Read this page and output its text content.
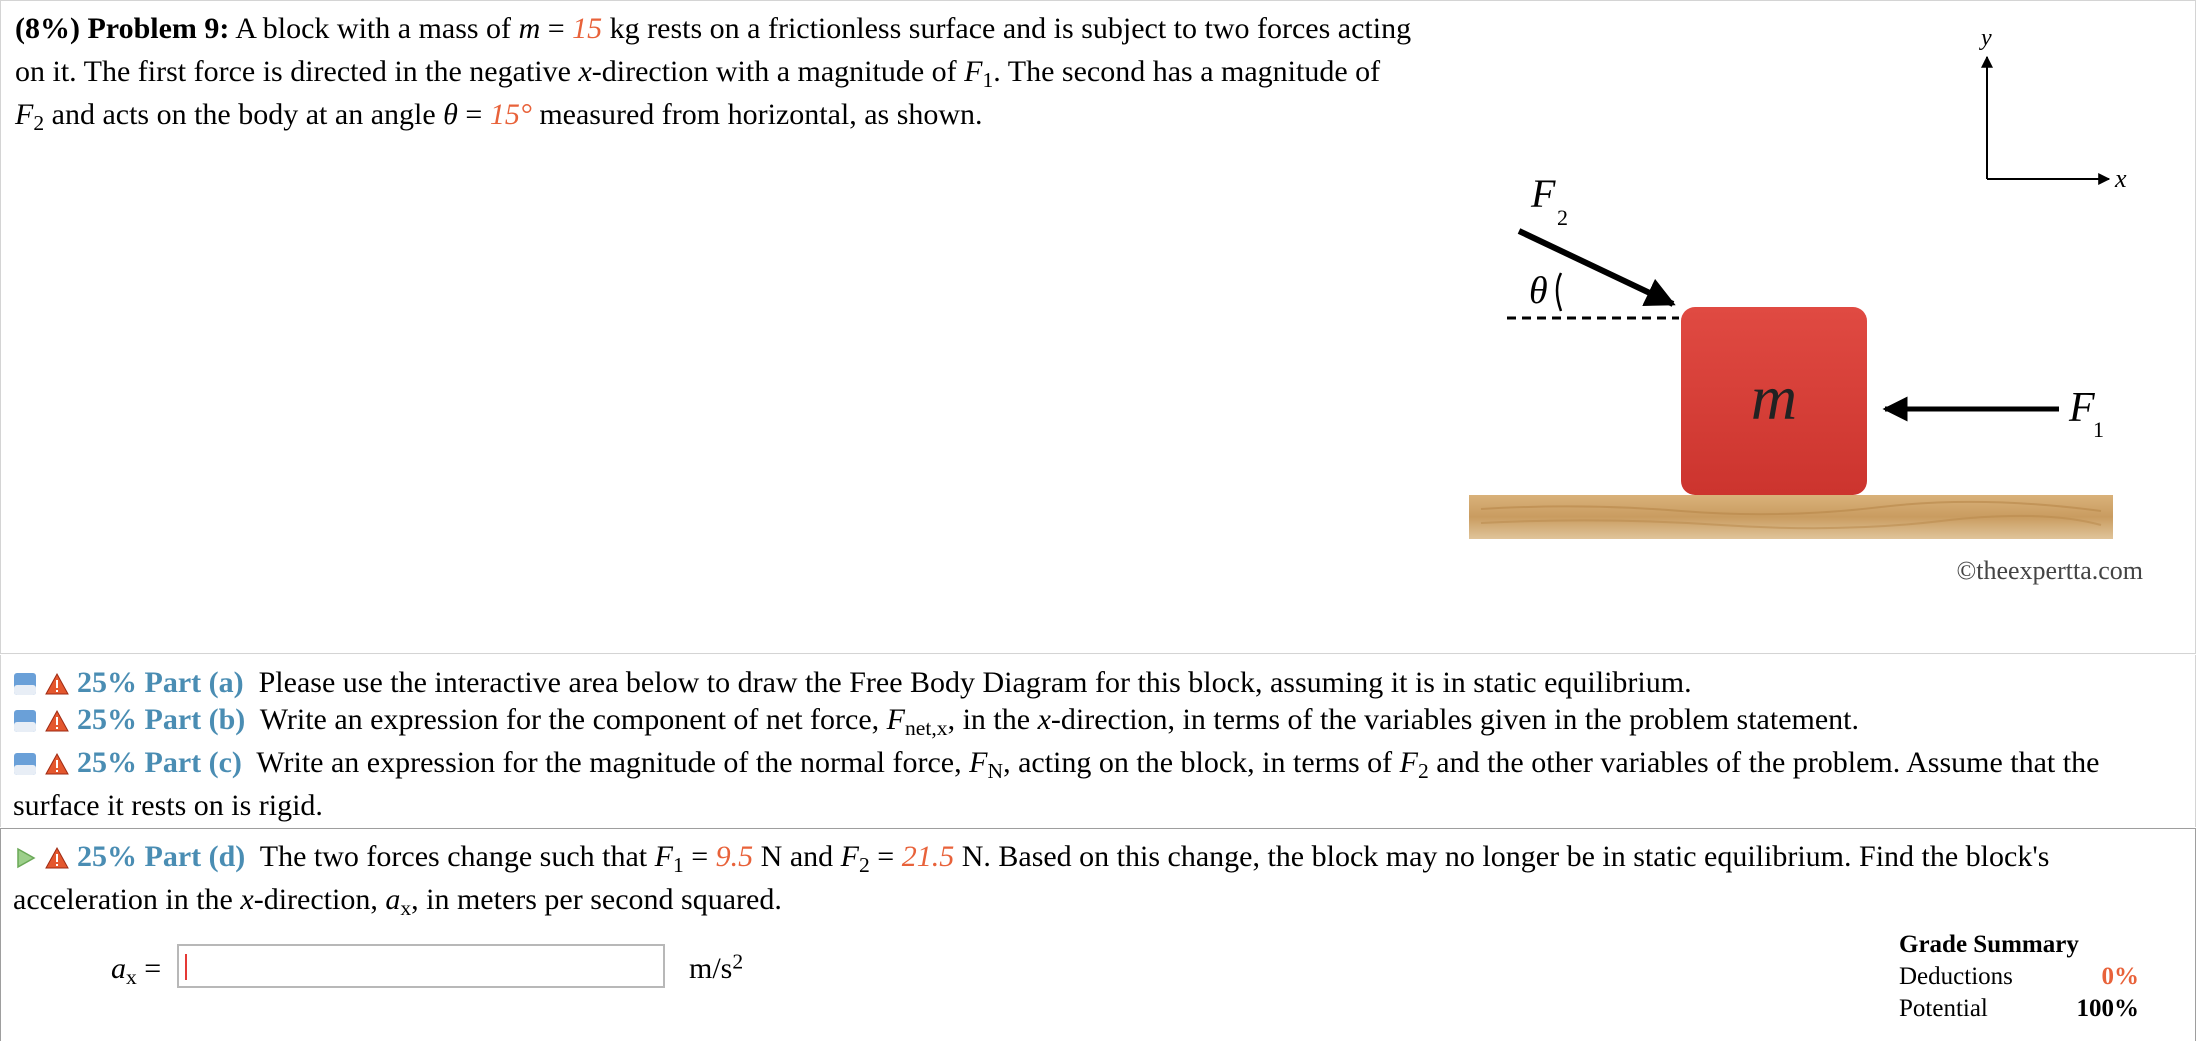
(8%) Problem 9: A block with a mass of m = 15 kg rests on a frictionless surface and is subject to two forces acting on it. The first force is directed in the negative x-direction with a magnitude of $F_1$. The second has a magnitude of $F_2$ and acts on the body at an angle θ = 15° measured from horizontal, as shown.
y
x
F
2
θ
m	F
1
©theexpertta.com
25% Part (a) Please use the interactive area below to draw the Free Body Diagram for this block, assuming it is in static equilibrium.
25% Part (b) Write an expression for the component of net force, $F_{net,x}$, in the x-direction, in terms of the variables given in the problem statement.
25% Part (c) Write an expression for the magnitude of the normal force, $F_N$, acting on the block, in terms of $F_2$ and the other variables of the problem. Assume that the surface it rests on is rigid.
25% Part (d) The two forces change such that $F_1 = 9.5$ N and $F_2 = 21.5$ N. Based on this change, the block may no longer be in static equilibrium. Find the block's acceleration in the x-direction, $a_x$, in meters per second squared.
$a_x$ =	$m/s^2$
Grade Summary
Deductions	0%
Potential	100%
